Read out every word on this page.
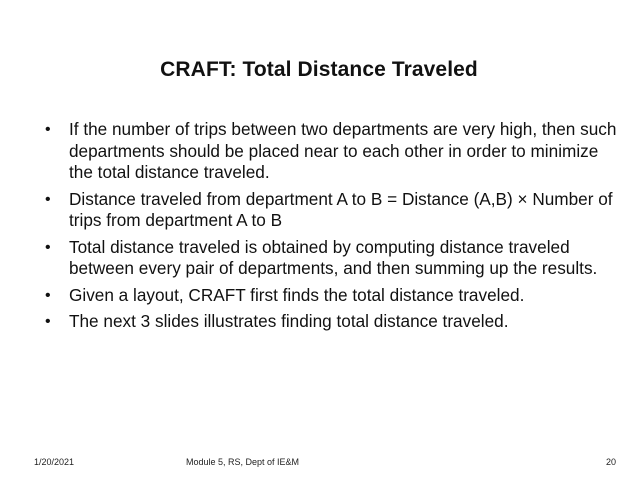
CRAFT: Total Distance Traveled
• If the number of trips between two departments are very high, then such departments should be placed near to each other in order to minimize the total distance traveled.
• Distance traveled from department A to B = Distance (A,B) × Number of trips from department A to B
• Total distance traveled is obtained by computing distance traveled between every pair of departments, and then summing up the results.
• Given a layout, CRAFT first finds the total distance traveled.
• The next 3 slides illustrates finding total distance traveled.
1/20/2021	Module 5, RS, Dept of IE&M	20
